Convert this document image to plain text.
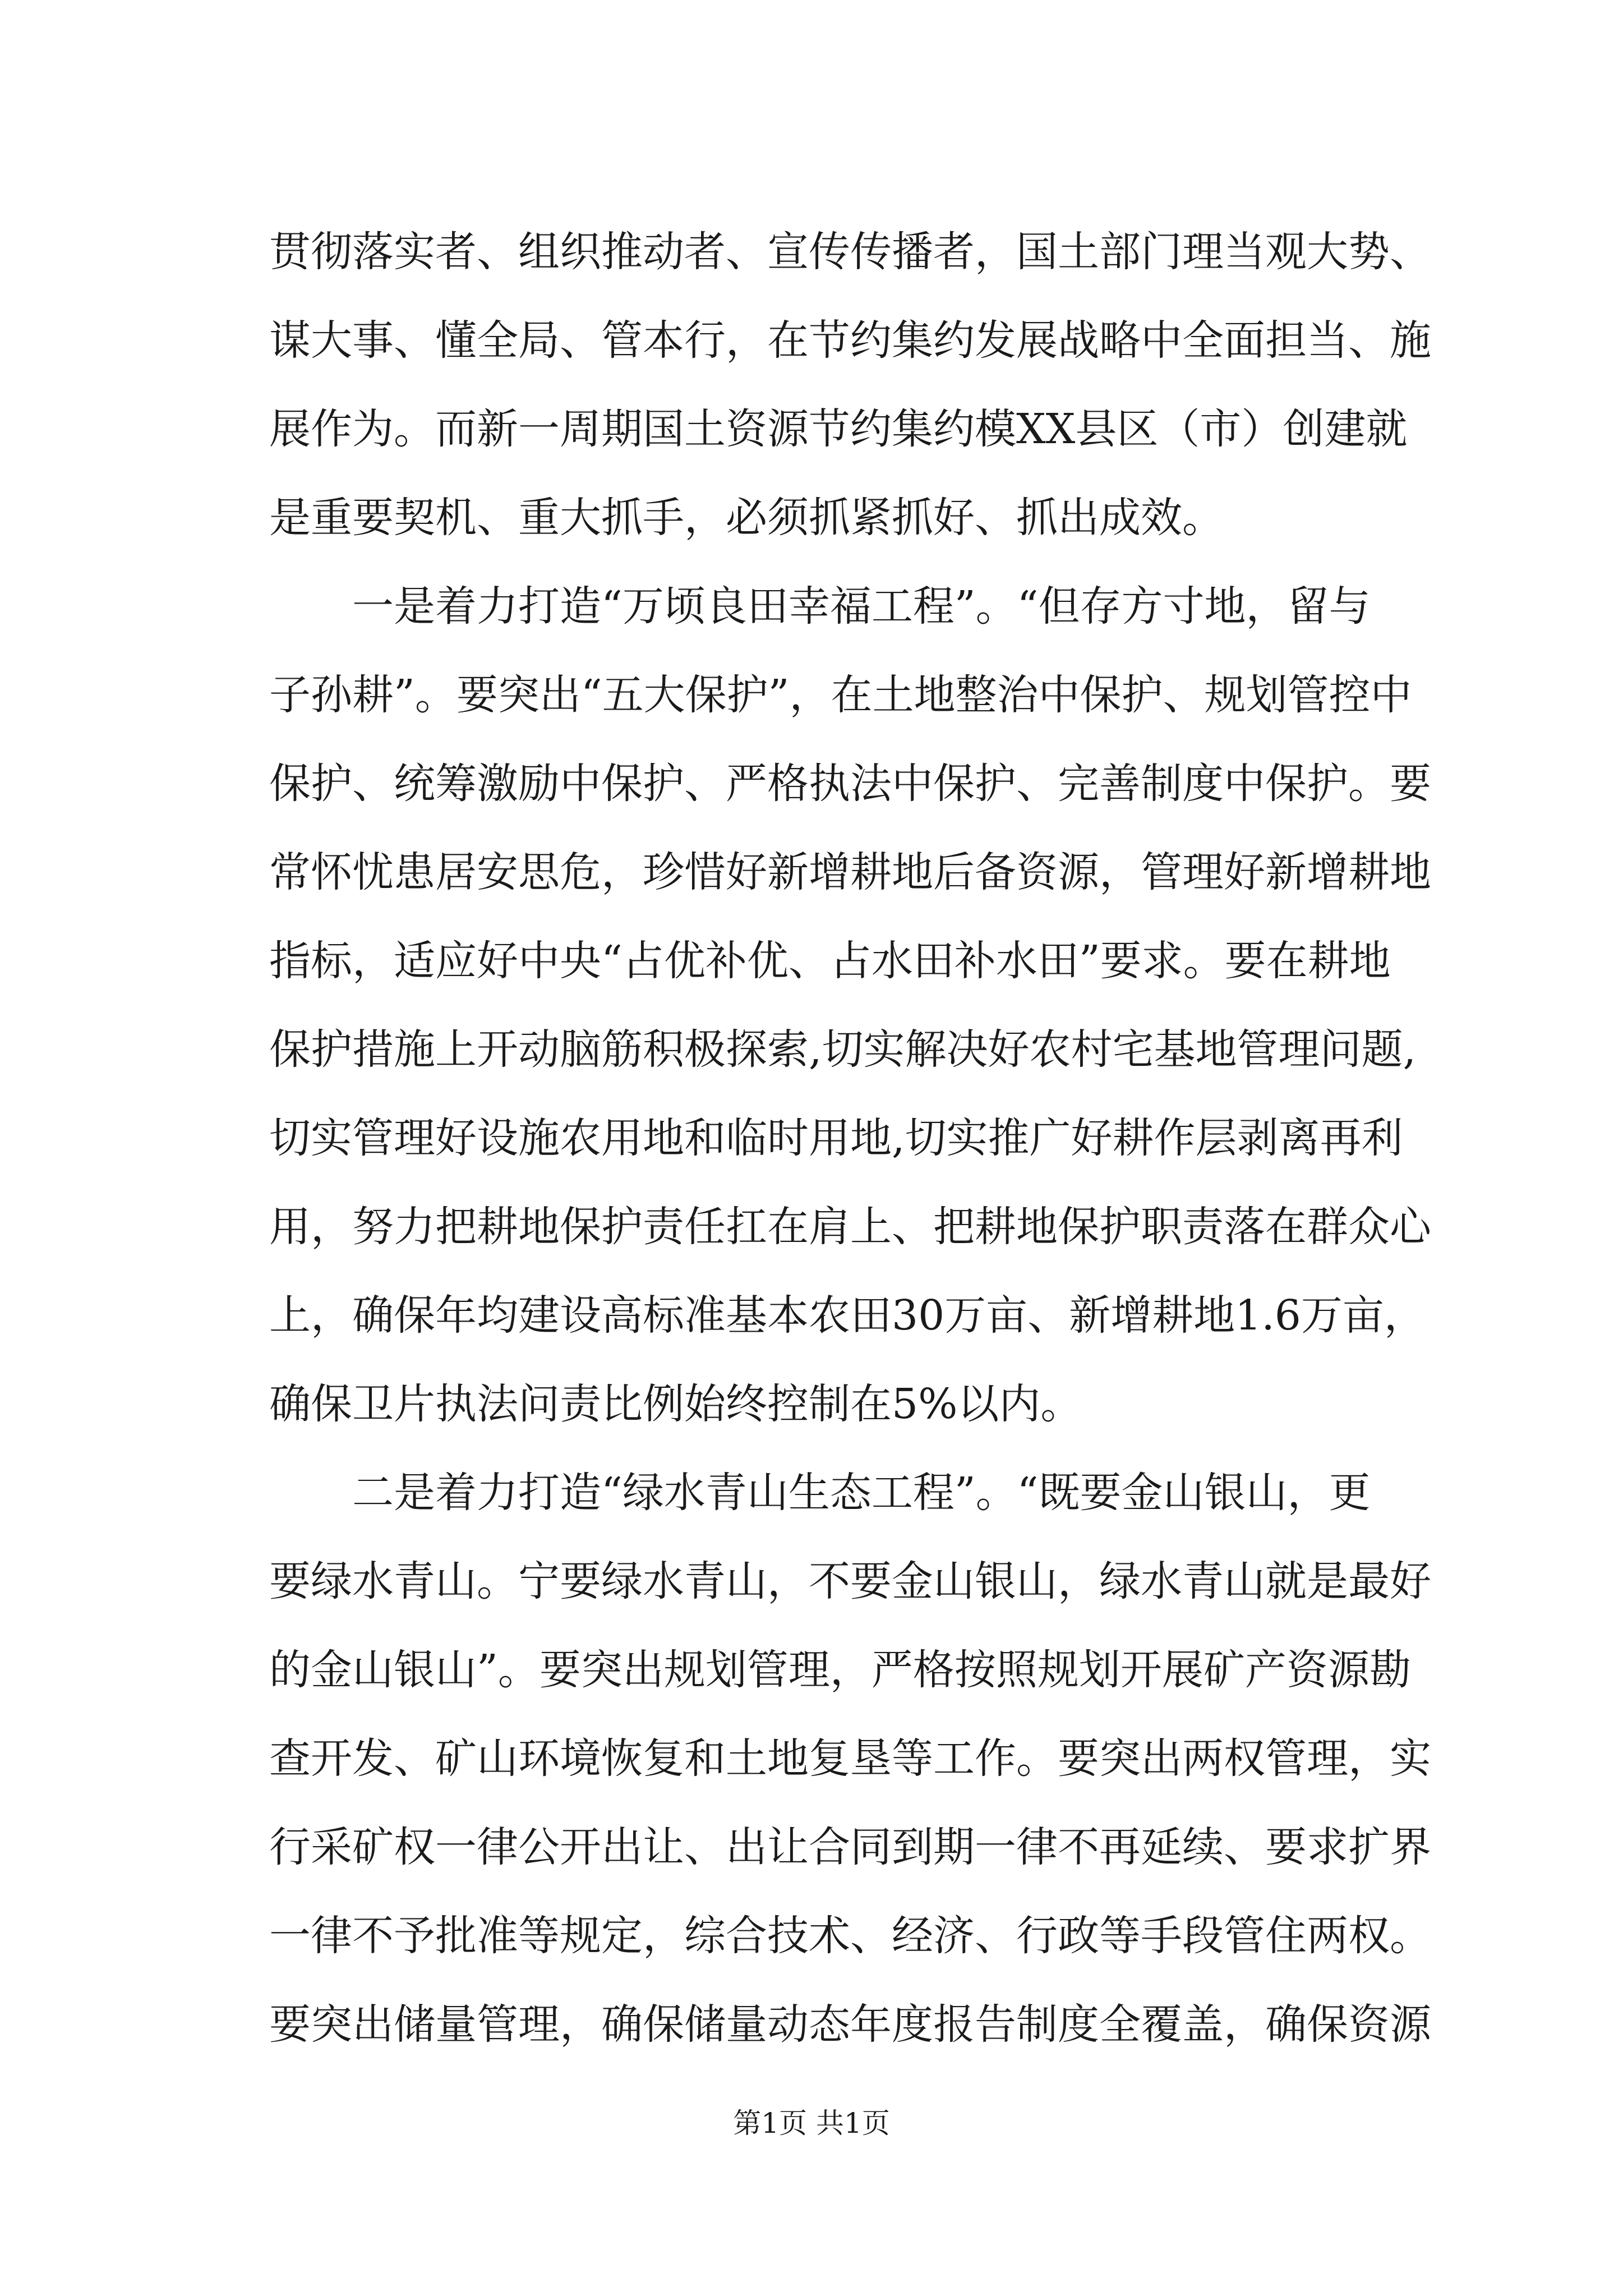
贯彻落实者、组织推动者、宣传传播者，国土部门理当观大势、
谋大事、懂全局、管本行，在节约集约发展战略中全面担当、施
展作为。而新一周期国土资源节约集约模XX县区（市）创建就
是重要契机、重大抓手，必须抓紧抓好、抓出成效。
　　一是着力打造“万顷良田幸福工程”。“但存方寸地，留与
子孙耕”。要突出“五大保护”，在土地整治中保护、规划管控中
保护、统筹激励中保护、严格执法中保护、完善制度中保护。要
常怀忧患居安思危，珍惜好新增耕地后备资源，管理好新增耕地
指标，适应好中央“占优补优、占水田补水田”要求。要在耕地
保护措施上开动脑筋积极探索,切实解决好农村宅基地管理问题,
切实管理好设施农用地和临时用地,切实推广好耕作层剥离再利
用，努力把耕地保护责任扛在肩上、把耕地保护职责落在群众心
上，确保年均建设高标准基本农田30万亩、新增耕地1.6万亩，
确保卫片执法问责比例始终控制在5%以内。
　　二是着力打造“绿水青山生态工程”。“既要金山银山，更
要绿水青山。宁要绿水青山，不要金山银山，绿水青山就是最好
的金山银山”。要突出规划管理，严格按照规划开展矿产资源勘
查开发、矿山环境恢复和土地复垦等工作。要突出两权管理，实
行采矿权一律公开出让、出让合同到期一律不再延续、要求扩界
一律不予批准等规定，综合技术、经济、行政等手段管住两权。
要突出储量管理，确保储量动态年度报告制度全覆盖，确保资源
第1页 共1页
